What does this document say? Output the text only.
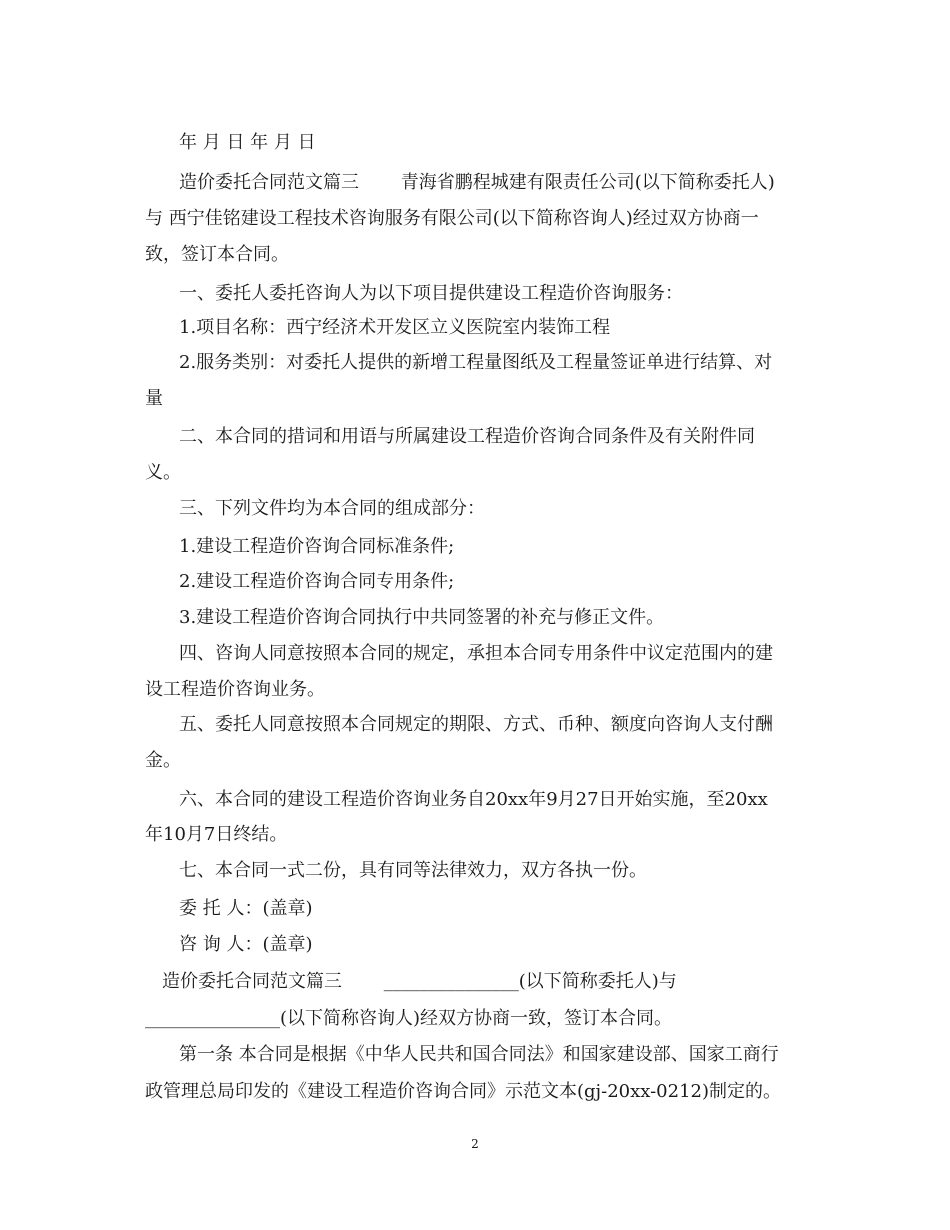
年 月 日 年 月 日
造价委托合同范文篇三　　 青海省鹏程城建有限责任公司(以下简称委托人)
与 西宁佳铭建设工程技术咨询服务有限公司(以下简称咨询人)经过双方协商一
致，签订本合同。
一、委托人委托咨询人为以下项目提供建设工程造价咨询服务：
1.项目名称：西宁经济术开发区立义医院室内装饰工程
2.服务类别：对委托人提供的新增工程量图纸及工程量签证单进行结算、对
量
二、本合同的措词和用语与所属建设工程造价咨询合同条件及有关附件同
义。
三、下列文件均为本合同的组成部分：
1.建设工程造价咨询合同标准条件;
2.建设工程造价咨询合同专用条件;
3.建设工程造价咨询合同执行中共同签署的补充与修正文件。
四、咨询人同意按照本合同的规定，承担本合同专用条件中议定范围内的建
设工程造价咨询业务。
五、委托人同意按照本合同规定的期限、方式、币种、额度向咨询人支付酬
金。
六、本合同的建设工程造价咨询业务自20xx年9月27日开始实施，至20xx
年10月7日终结。
七、本合同一式二份，具有同等法律效力，双方各执一份。
委 托 人：(盖章)
咨 询 人：(盖章)
造价委托合同范文篇三　　 _______________(以下简称委托人)与
_______________(以下简称咨询人)经双方协商一致，签订本合同。
第一条 本合同是根据《中华人民共和国合同法》和国家建设部、国家工商行
政管理总局印发的《建设工程造价咨询合同》示范文本(gj-20xx-0212)制定的。
2
